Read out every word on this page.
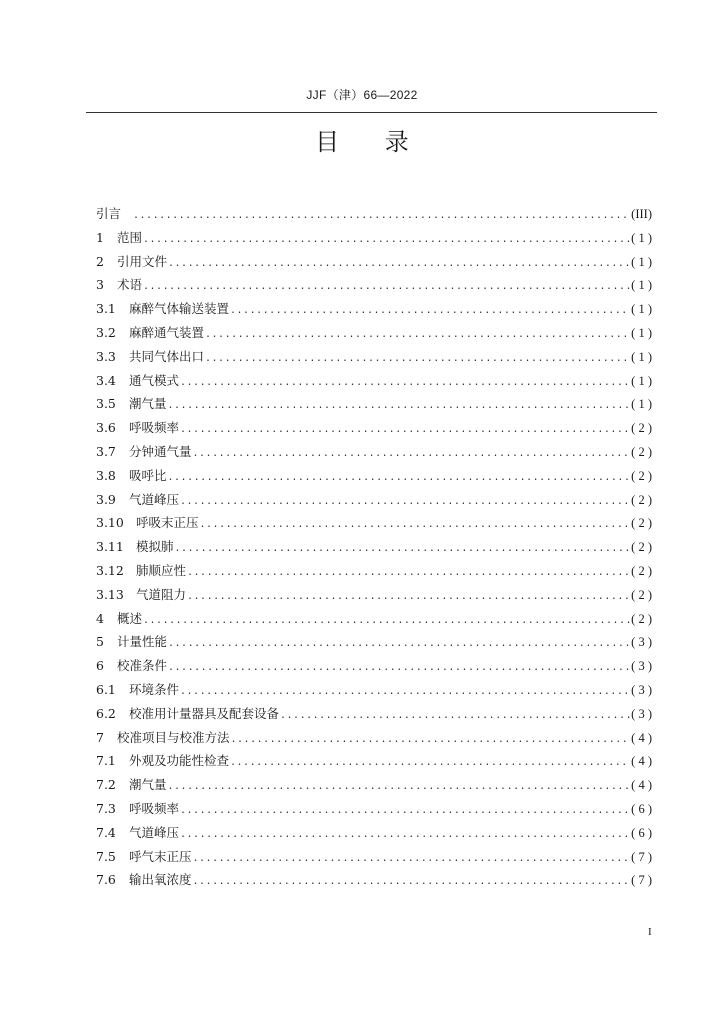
JJF（津）66—2022
目 录
引言 .....	(III)
1	范围 .....	( 1 )
2	引用文件 .....	( 1 )
3	术语 .....	( 1 )
3.1	麻醉气体输送装置 .....	( 1 )
3.2	麻醉通气装置 .....	( 1 )
3.3	共同气体出口 .....	( 1 )
3.4	通气模式 .....	( 1 )
3.5	潮气量 .....	( 1 )
3.6	呼吸频率 .....	( 2 )
3.7	分钟通气量 .....	( 2 )
3.8	吸呼比 .....	( 2 )
3.9	气道峰压 .....	( 2 )
3.10 呼吸末正压 .....	( 2 )
3.11 模拟肺 .....	( 2 )
3.12 肺顺应性 .....	( 2 )
3.13 气道阻力 .....	( 2 )
4	概述 .....	( 2 )
5	计量性能 .....	( 3 )
6	校准条件 .....	( 3 )
6.1	环境条件 .....	( 3 )
6.2	校准用计量器具及配套设备 .....	( 3 )
7	校准项目与校准方法 .....	( 4 )
7.1	外观及功能性检查 .....	( 4 )
7.2	潮气量 .....	( 4 )
7.3	呼吸频率 .....	( 6 )
7.4	气道峰压 .....	( 6 )
7.5	呼气末正压 .....	( 7 )
7.6	输出氧浓度 .....	( 7 )
I
